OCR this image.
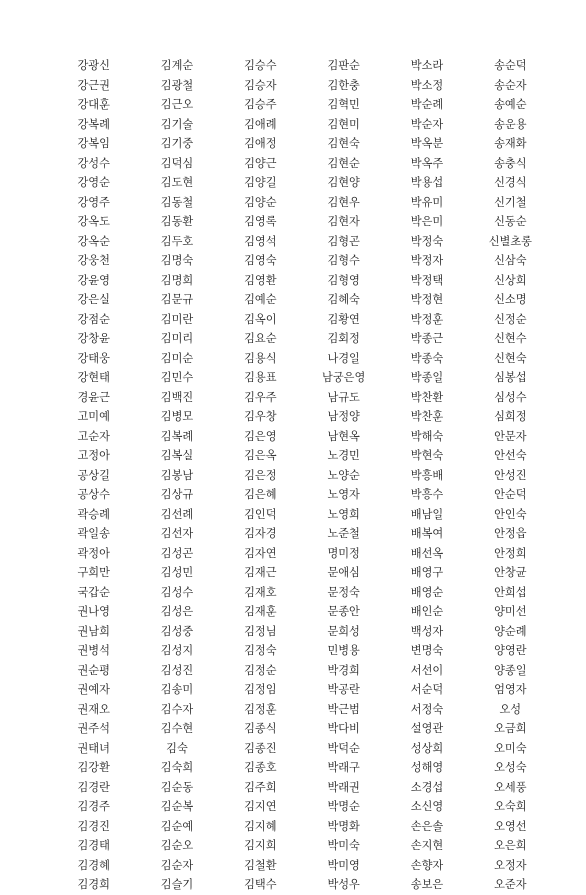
강광신	김계순	김승수	김판순	박소라	송순덕
강근권	김광철	김승자	김한충	박소정	송순자
강대훈	김근오	김승주	김혁민	박순례	송예순
강복례	김기술	김애례	김현미	박순자	송운용
강복임	김기중	김애정	김현숙	박옥분	송재화
강성수	김덕심	김양근	김현순	박옥주	송충식
강영순	김도현	김양길	김현양	박용섭	신경식
강영주	김동철	김양순	김현우	박유미	신기철
강옥도	김동환	김영록	김현자	박은미	신동순
강옥순	김두호	김영석	김형곤	박정숙	신별초롱
강웅천	김명숙	김영숙	김형수	박정자	신삼숙
강윤영	김명희	김영환	김형영	박정택	신상희
강은실	김문규	김예순	김혜숙	박정현	신소명
강점순	김미란	김옥이	김황연	박정훈	신정순
강창윤	김미리	김요순	김회정	박종근	신현수
강태웅	김미순	김용식	나경일	박종숙	신현숙
강현태	김민수	김용표	남궁은영	박종일	심봉섭
경윤근	김백진	김우주	남규도	박찬환	심성수
고미예	김병모	김우창	남정양	박찬훈	심희정
고순자	김복례	김은영	남현옥	박해숙	안문자
고정아	김복실	김은옥	노경민	박현숙	안선숙
공상길	김봉남	김은정	노양순	박흥배	안성진
공상수	김상규	김은혜	노영자	박흥수	안순덕
곽승례	김선례	김인덕	노영희	배남일	안인숙
곽일송	김선자	김자경	노준철	배복여	안정읍
곽정아	김성곤	김자연	명미정	배선옥	안정희
구희만	김성민	김재근	문애심	배영구	안창균
국갑순	김성수	김재호	문정숙	배영순	안희섭
권나영	김성은	김재훈	문종안	배인순	양미선
권남희	김성중	김정님	문희성	백성자	양순례
권병석	김성지	김정숙	민병용	변명숙	양영란
권순평	김성진	김정순	박경희	서선이	양종일
권예자	김송미	김정임	박공란	서순덕	엄영자
권재오	김수자	김정훈	박근범	서정숙	오성
권주석	김수현	김종식	박다비	설영관	오금희
권태녀	김숙	김종진	박덕순	성상희	오미숙
김강환	김숙희	김종호	박래구	성해영	오성숙
김경란	김순동	김주희	박래권	소경섭	오세풍
김경주	김순복	김지연	박명순	소신영	오숙희
김경진	김순예	김지혜	박명화	손은솔	오영선
김경태	김순오	김지희	박미숙	손지현	오은희
김경혜	김순자	김철환	박미영	손향자	오정자
김경희	김슬기	김택수	박성우	송보은	오준자
